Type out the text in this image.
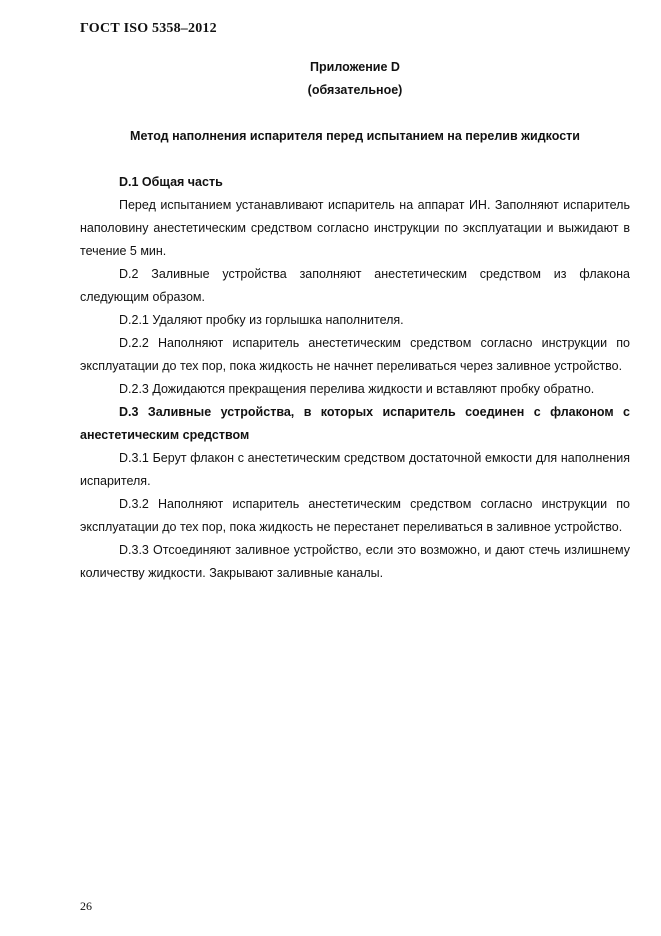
ГОСТ ISO 5358–2012

Приложение D

(обязательное)

Метод наполнения испарителя перед испытанием на перелив жидкости

D.1 Общая часть

Перед испытанием устанавливают испаритель на аппарат ИН. Заполняют испаритель наполовину анестетическим средством согласно инструкции по эксплуатации и выжидают в течение 5 мин.

D.2 Заливные устройства заполняют анестетическим средством из флакона следующим образом.

D.2.1 Удаляют пробку из горлышка наполнителя.

D.2.2 Наполняют испаритель анестетическим средством согласно инструкции по эксплуатации до тех пор, пока жидкость не начнет переливаться через заливное устройство.

D.2.3 Дожидаются прекращения перелива жидкости и вставляют пробку обратно.

D.3 Заливные устройства, в которых испаритель соединен с флаконом с анестетическим средством

D.3.1 Берут флакон с анестетическим средством достаточной емкости для наполнения испарителя.

D.3.2 Наполняют испаритель анестетическим средством согласно инструкции по эксплуатации до тех пор, пока жидкость не перестанет переливаться в заливное устройство.

D.3.3 Отсоединяют заливное устройство, если это возможно, и дают стечь излишнему количеству жидкости. Закрывают заливные каналы.

26
